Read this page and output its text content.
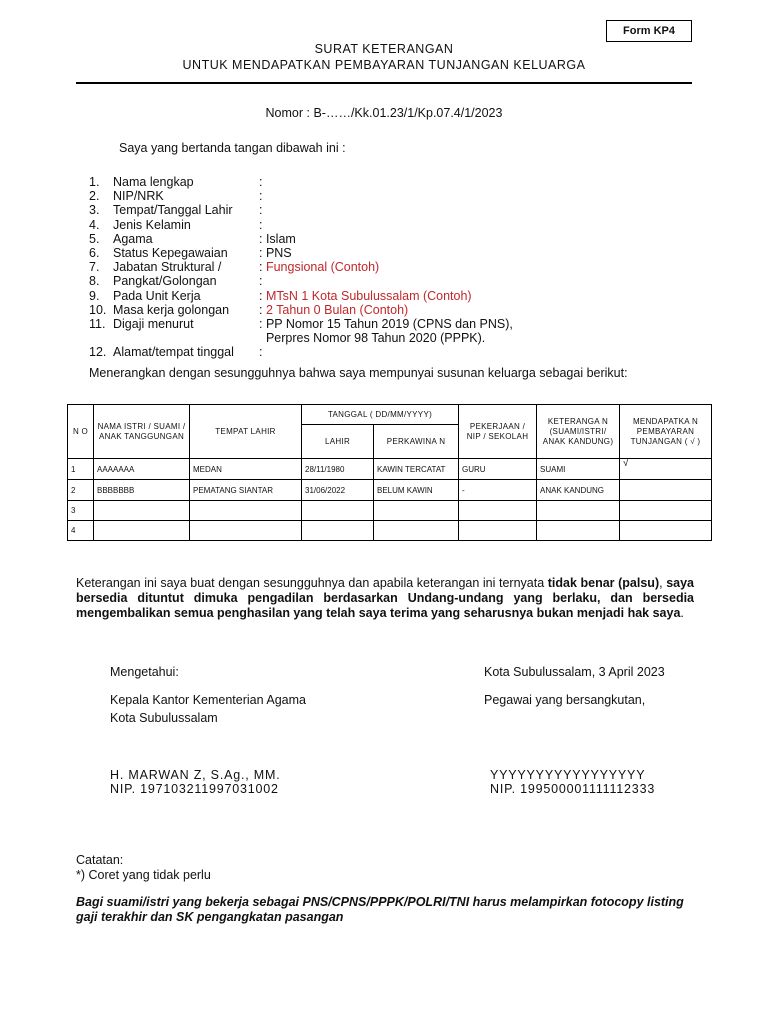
Form KP4
SURAT KETERANGAN
UNTUK MENDAPATKAN PEMBAYARAN TUNJANGAN KELUARGA
Nomor : B-……/Kk.01.23/1/Kp.07.4/1/2023
Saya yang bertanda tangan dibawah ini :
1.	Nama lengkap	:
2.	NIP/NRK	:
3.	Tempat/Tanggal Lahir	:
4.	Jenis Kelamin	:
5.	Agama	: Islam
6.	Status Kepegawaian	: PNS
7.	Jabatan Struktural /	: Fungsional (Contoh)
8.	Pangkat/Golongan	:
9.	Pada Unit Kerja	: MTsN 1 Kota Subulussalam (Contoh)
10. Masa kerja golongan	: 2 Tahun 0 Bulan (Contoh)
11. Digaji menurut	: PP Nomor 15 Tahun 2019 (CPNS dan PNS),
Perpres Nomor 98 Tahun 2020 (PPPK).
12. Alamat/tempat tinggal	:
Menerangkan dengan sesungguhnya bahwa saya mempunyai susunan keluarga sebagai berikut:
N O	NAMA ISTRI / SUAMI / ANAK TANGGUNGAN	TEMPAT LAHIR	TANGGAL ( DD/MM/YYYY)		PEKERJAAN / NIP / SEKOLAH	KETERANGA N (SUAMI/ISTRI/ ANAK KANDUNG)	MENDAPATKA N PEMBAYARAN TUNJANGAN ( √ )
			LAHIR	PERKAWINA N			
1	AAAAAAA	MEDAN	28/11/1980	KAWIN TERCATAT	GURU	SUAMI	√
2	BBBBBBB	PEMATANG SIANTAR	31/06/2022	BELUM KAWIN	-	ANAK KANDUNG	
3							
4							
Keterangan ini saya buat dengan sesungguhnya dan apabila keterangan ini ternyata tidak benar (palsu), saya bersedia dituntut dimuka pengadilan berdasarkan Undang-undang yang berlaku, dan bersedia mengembalikan semua penghasilan yang telah saya terima yang seharusnya bukan menjadi hak saya.
Mengetahui:	Kota Subulussalam, 3 April 2023
Kepala Kantor Kementerian Agama
Kota Subulussalam
Pegawai yang bersangkutan,
H. MARWAN Z, S.Ag., MM.
NIP. 197103211997031002
YYYYYYYYYYYYYYYYY
NIP. 199500001111112333
Catatan:
*) Coret yang tidak perlu
Bagi suami/istri yang bekerja sebagai PNS/CPNS/PPPK/POLRI/TNI harus melampirkan fotocopy listing gaji terakhir dan SK pengangkatan pasangan
